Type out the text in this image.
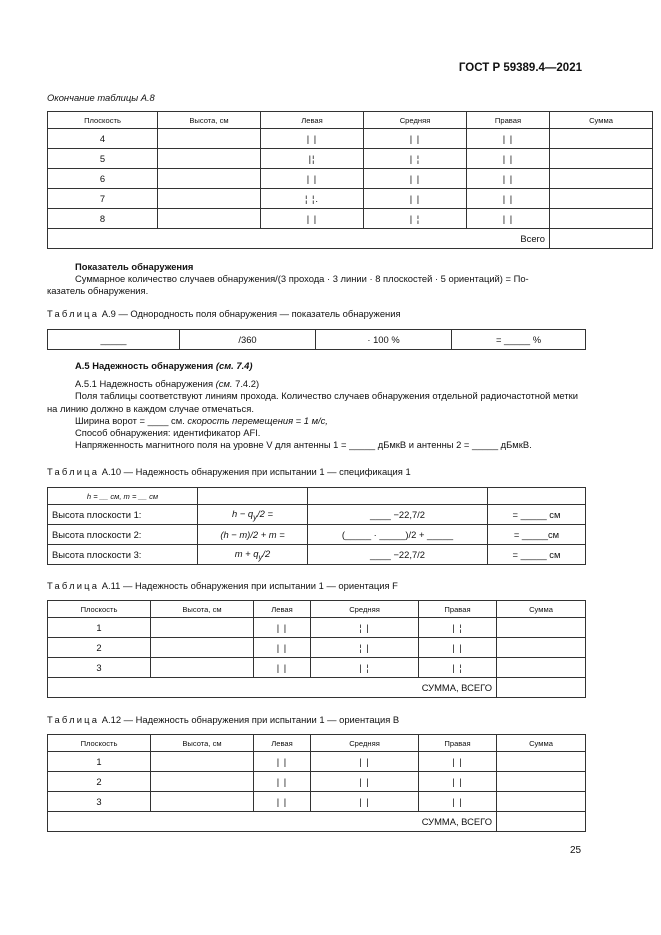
ГОСТ Р 59389.4—2021
Окончание таблицы А.8
Плоскость	Высота, см	Левая	Средняя	Правая	Сумма
4		| |	| |	| |	
5		|¦	| ¦	| |	
6		| |	| |	| |	
7		¦ ¦.	| |	| |	
8		| |	| ¦	| |	
Всего					
Показатель обнаружения
Суммарное количество случаев обнаружения/(3 прохода · 3 линии · 8 плоскостей · 5 ориентаций) = По-
казатель обнаружения.
Таблица А.9 — Однородность поля обнаружения — показатель обнаружения
_____	/360	· 100 %	= _____ %
А.5 Надежность обнаружения (см. 7.4)
А.5.1 Надежность обнаружения (см. 7.4.2)
Поля таблицы соответствуют линиям прохода. Количество случаев обнаружения отдельной радиочастотной метки на линию должно в каждом случае отмечаться.
Ширина ворот = ____ см. скорость перемещения = 1 м/с,
Способ обнаружения: идентификатор AFI.
Напряженность магнитного поля на уровне V для антенны 1 = _____ дБмкВ и антенны 2 = _____ дБмкВ.
Таблица А.10 — Надежность обнаружения при испытании 1 — спецификация 1
h = __ см, m = __ см			
Высота плоскости 1:	$h - q_y/2$ =	____ −22,7/2	= _____ см
Высота плоскости 2:	(h − m)/2 + m =	(_____ · _____)/2 + _____	= _____см
Высота плоскости 3:	$m + q_y/2$	____ −22,7/2	= _____ см
Таблица А.11 — Надежность обнаружения при испытании 1 — ориентация F
Плоскость	Высота, см	Левая	Средняя	Правая	Сумма
1		| |	¦ |	| ¦	
2		| |	¦ |	| |	
3		| |	| ¦	| ¦	
СУММА, ВСЕГО					
Таблица А.12 — Надежность обнаружения при испытании 1 — ориентация B
Плоскость	Высота, см	Левая	Средняя	Правая	Сумма
1		| |	| |	| |	
2		| |	| |	| |	
3		| |	| |	| |	
СУММА, ВСЕГО					
25
